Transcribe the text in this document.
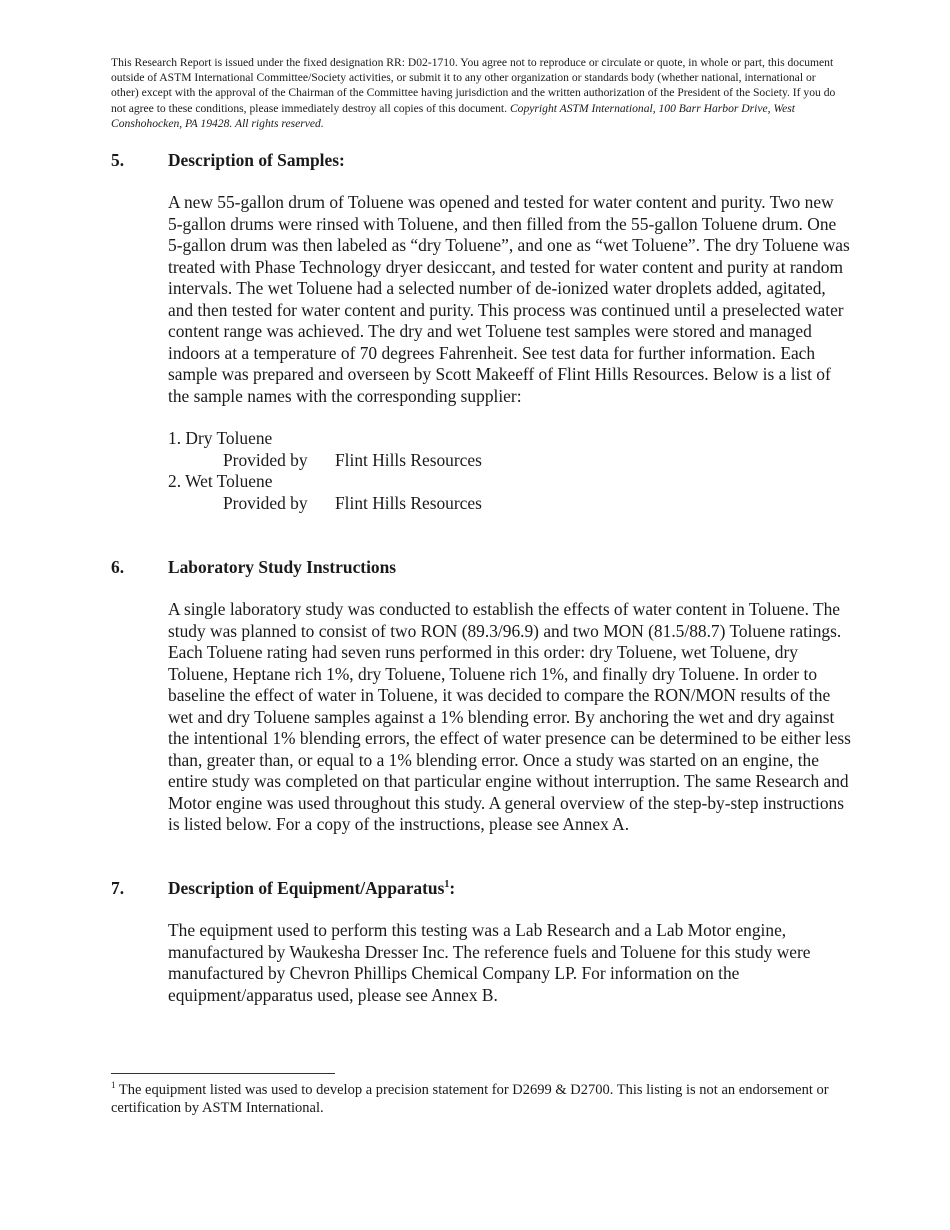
This Research Report is issued under the fixed designation RR: D02-1710. You agree not to reproduce or circulate or quote, in whole or part, this document outside of ASTM International Committee/Society activities, or submit it to any other organization or standards body (whether national, international or other) except with the approval of the Chairman of the Committee having jurisdiction and the written authorization of the President of the Society. If you do not agree to these conditions, please immediately destroy all copies of this document. Copyright ASTM International, 100 Barr Harbor Drive, West Conshohocken, PA 19428. All rights reserved.
5.	Description of Samples:

A new 55-gallon drum of Toluene was opened and tested for water content and purity. Two new 5-gallon drums were rinsed with Toluene, and then filled from the 55-gallon Toluene drum. One 5-gallon drum was then labeled as “dry Toluene”, and one as “wet Toluene”. The dry Toluene was treated with Phase Technology dryer desiccant, and tested for water content and purity at random intervals. The wet Toluene had a selected number of de-ionized water droplets added, agitated, and then tested for water content and purity. This process was continued until a preselected water content range was achieved. The dry and wet Toluene test samples were stored and managed indoors at a temperature of 70 degrees Fahrenheit. See test data for further information. Each sample was prepared and overseen by Scott Makeeff of Flint Hills Resources. Below is a list of the sample names with the corresponding supplier:

1. Dry Toluene
Provided by Flint Hills Resources
2. Wet Toluene
Provided by Flint Hills Resources
6.	Laboratory Study Instructions

A single laboratory study was conducted to establish the effects of water content in Toluene. The study was planned to consist of two RON (89.3/96.9) and two MON (81.5/88.7) Toluene ratings. Each Toluene rating had seven runs performed in this order: dry Toluene, wet Toluene, dry Toluene, Heptane rich 1%, dry Toluene, Toluene rich 1%, and finally dry Toluene. In order to baseline the effect of water in Toluene, it was decided to compare the RON/MON results of the wet and dry Toluene samples against a 1% blending error. By anchoring the wet and dry against the intentional 1% blending errors, the effect of water presence can be determined to be either less than, greater than, or equal to a 1% blending error. Once a study was started on an engine, the entire study was completed on that particular engine without interruption. The same Research and Motor engine was used throughout this study. A general overview of the step-by-step instructions is listed below. For a copy of the instructions, please see Annex A.

7.	Description of Equipment/Apparatus$^1$:

The equipment used to perform this testing was a Lab Research and a Lab Motor engine, manufactured by Waukesha Dresser Inc. The reference fuels and Toluene for this study were manufactured by Chevron Phillips Chemical Company LP. For information on the equipment/apparatus used, please see Annex B.

$^1$ The equipment listed was used to develop a precision statement for D2699 & D2700. This listing is not an endorsement or certification by ASTM International.
